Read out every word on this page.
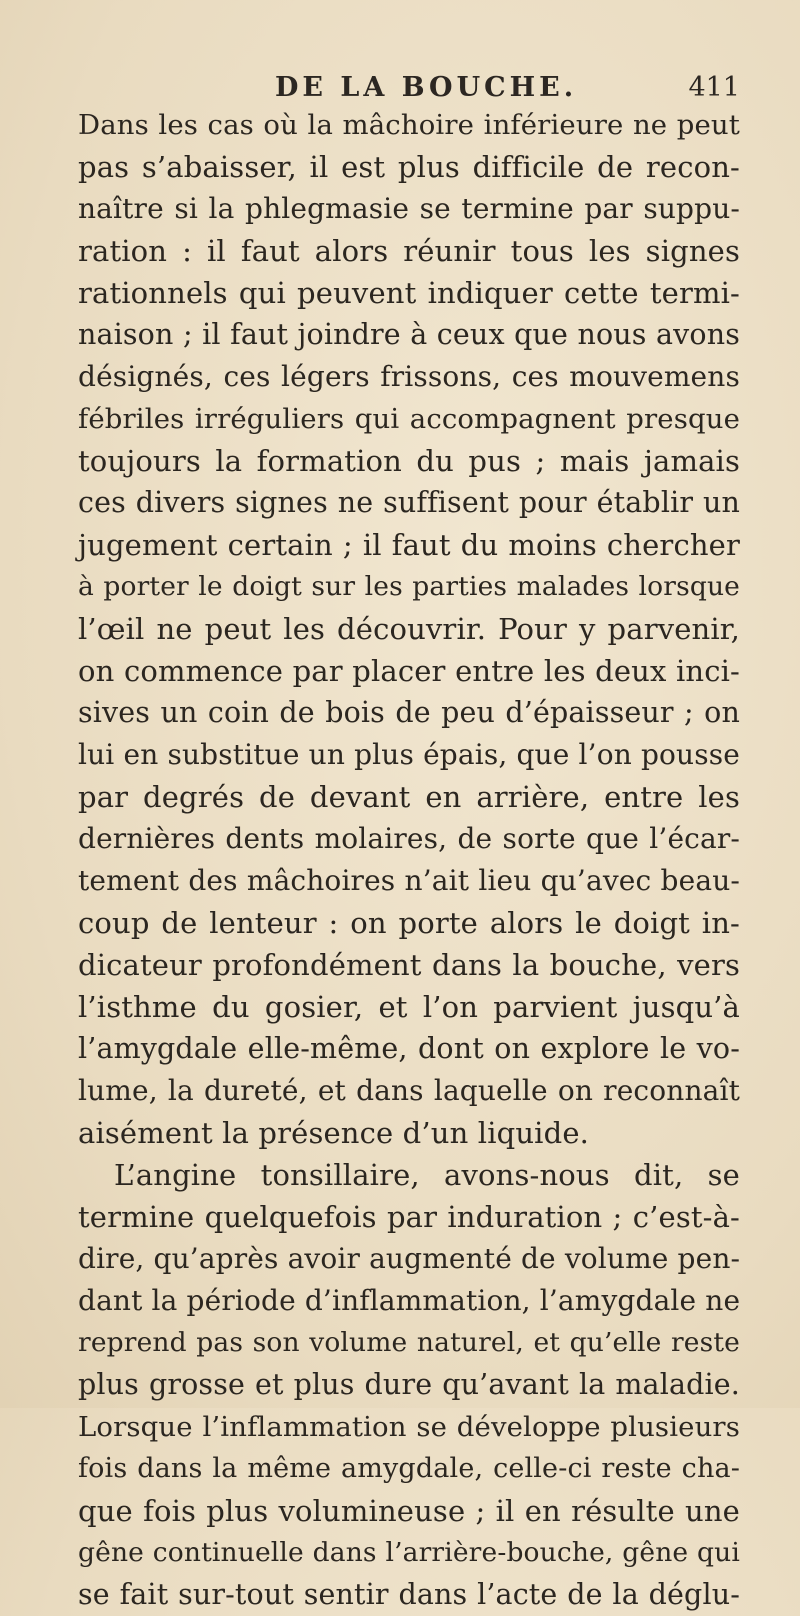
DE LA BOUCHE.	411
Dans les cas où la mâchoire inférieure ne peut
pas s’abaisser, il est plus difficile de recon-
naître si la phlegmasie se termine par suppu-
ration : il faut alors réunir tous les signes
rationnels qui peuvent indiquer cette termi-
naison ; il faut joindre à ceux que nous avons
désignés, ces légers frissons, ces mouvemens
fébriles irréguliers qui accompagnent presque
toujours la formation du pus ; mais jamais
ces divers signes ne suffisent pour établir un
jugement certain ; il faut du moins chercher
à porter le doigt sur les parties malades lorsque
l’œil ne peut les découvrir. Pour y parvenir,
on commence par placer entre les deux inci-
sives un coin de bois de peu d’épaisseur ; on
lui en substitue un plus épais, que l’on pousse
par degrés de devant en arrière, entre les
dernières dents molaires, de sorte que l’écar-
tement des mâchoires n’ait lieu qu’avec beau-
coup de lenteur : on porte alors le doigt in-
dicateur profondément dans la bouche, vers
l’isthme du gosier, et l’on parvient jusqu’à
l’amygdale elle-même, dont on explore le vo-
lume, la dureté, et dans laquelle on reconnaît
aisément la présence d’un liquide.
L’angine tonsillaire, avons-nous dit, se
termine quelquefois par induration ; c’est-à-
dire, qu’après avoir augmenté de volume pen-
dant la période d’inflammation, l’amygdale ne
reprend pas son volume naturel, et qu’elle reste
plus grosse et plus dure qu’avant la maladie.
Lorsque l’inflammation se développe plusieurs
fois dans la même amygdale, celle-ci reste cha-
que fois plus volumineuse ; il en résulte une
gêne continuelle dans l’arrière-bouche, gêne qui
se fait sur-tout sentir dans l’acte de la déglu-
